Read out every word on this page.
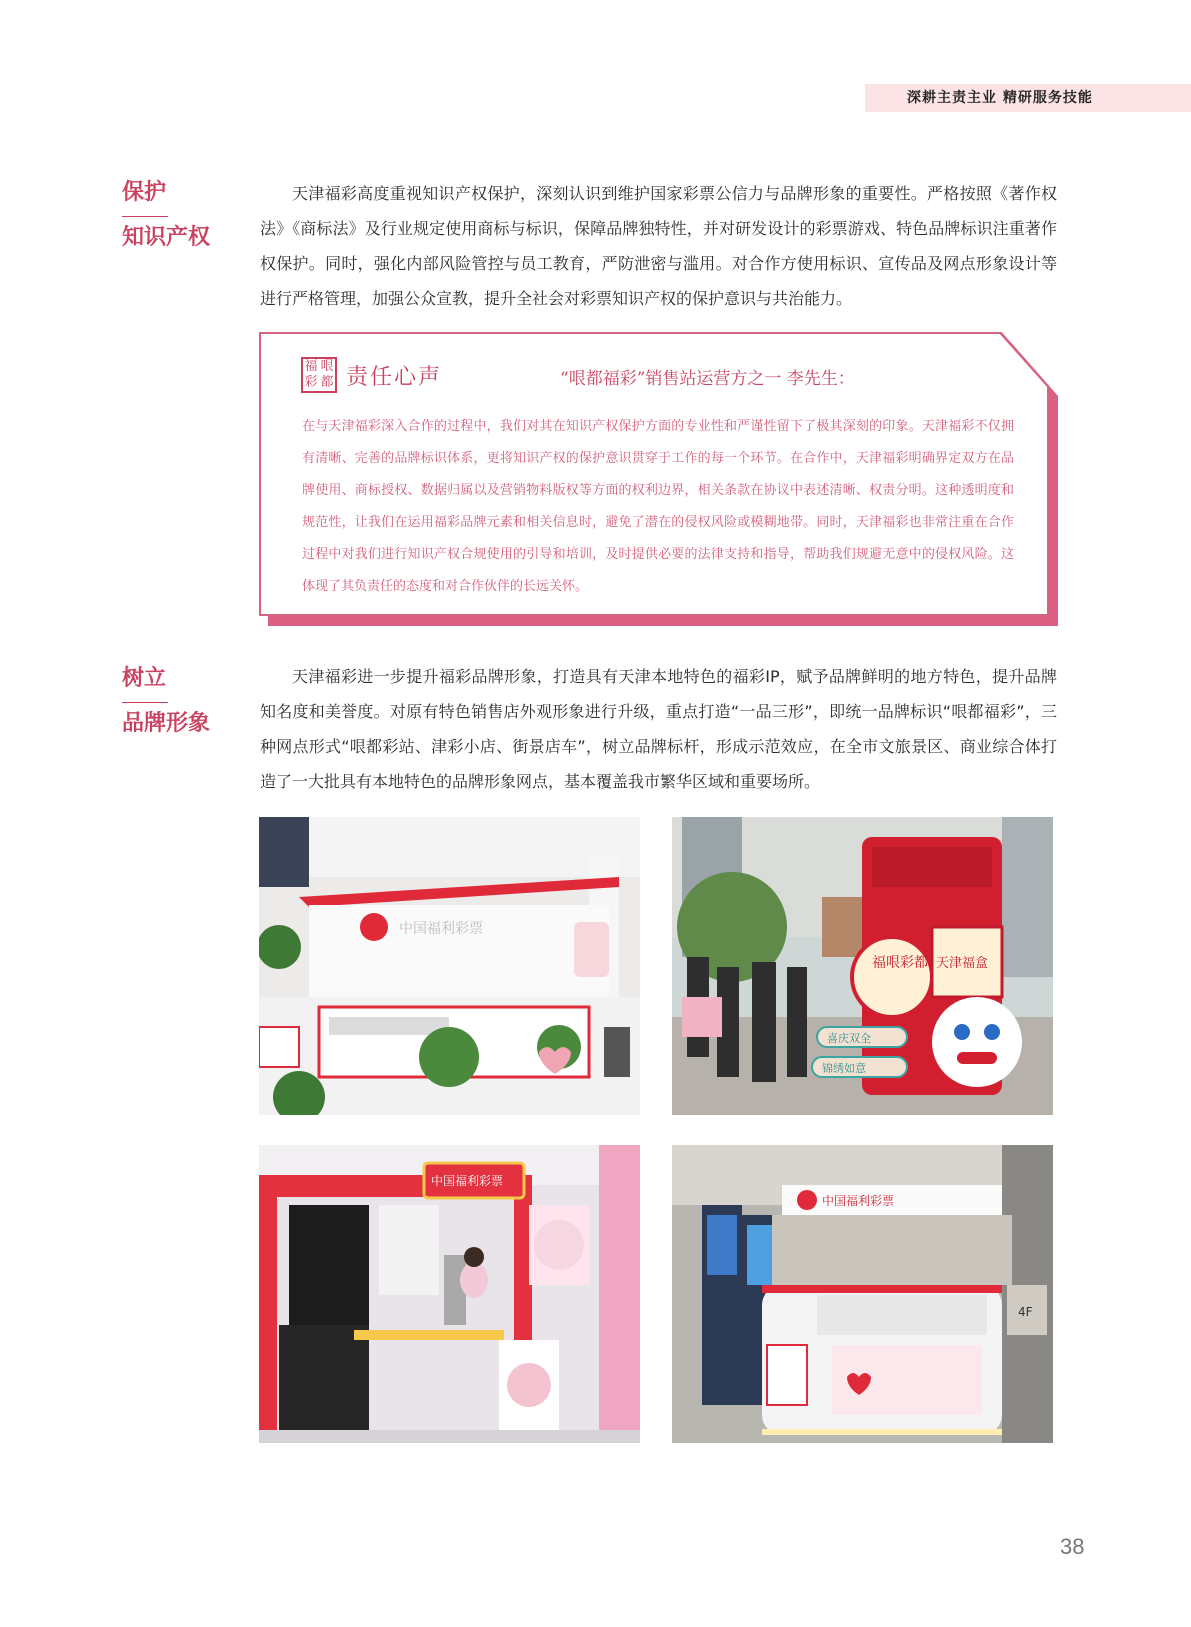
深耕主责主业 精研服务技能
保护
知识产权

天津福彩高度重视知识产权保护，深刻认识到维护国家彩票公信力与品牌形象的重要性。严格按照《著作权法》《商标法》及行业规定使用商标与标识，保障品牌独特性，并对研发设计的彩票游戏、特色品牌标识注重著作权保护。同时，强化内部风险管控与员工教育，严防泄密与滥用。对合作方使用标识、宣传品及网点形象设计等进行严格管理，加强公众宣教，提升全社会对彩票知识产权的保护意识与共治能力。

福 哏
彩 都 责任心声	“哏都福彩”销售站运营方之一 李先生：

在与天津福彩深入合作的过程中，我们对其在知识产权保护方面的专业性和严谨性留下了极其深刻的印象。天津福彩不仅拥有清晰、完善的品牌标识体系，更将知识产权的保护意识贯穿于工作的每一个环节。在合作中，天津福彩明确界定双方在品牌使用、商标授权、数据归属以及营销物料版权等方面的权利边界，相关条款在协议中表述清晰、权责分明。这种透明度和规范性，让我们在运用福彩品牌元素和相关信息时，避免了潜在的侵权风险或模糊地带。同时，天津福彩也非常注重在合作过程中对我们进行知识产权合规使用的引导和培训，及时提供必要的法律支持和指导，帮助我们规避无意中的侵权风险。这体现了其负责任的态度和对合作伙伴的长远关怀。

树立
品牌形象

天津福彩进一步提升福彩品牌形象，打造具有天津本地特色的福彩IP，赋予品牌鲜明的地方特色，提升品牌知名度和美誉度。对原有特色销售店外观形象进行升级，重点打造“一品三形”，即统一品牌标识“哏都福彩”，三种网点形式“哏都彩站、津彩小店、街景店车”，树立品牌标杆，形成示范效应，在全市文旅景区、商业综合体打造了一大批具有本地特色的品牌形象网点，基本覆盖我市繁华区域和重要场所。

中国福利彩票
福哏彩都 天津福盒
喜庆双全
锦绣如意
中国福利彩票
4F
中国福利彩票
38
